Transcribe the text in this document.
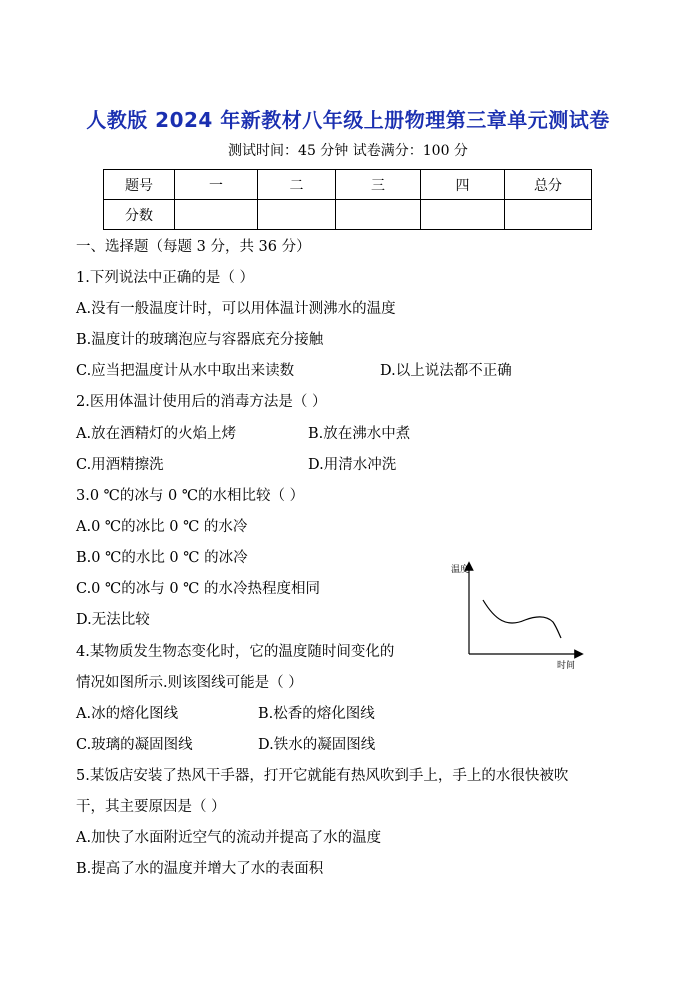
人教版 2024 年新教材八年级上册物理第三章单元测试卷
测试时间：45 分钟 试卷满分：100 分
题号	一	二	三	四	总分
分数					
一、选择题（每题 3 分，共 36 分）
1.下列说法中正确的是（ ）
A.没有一般温度计时，可以用体温计测沸水的温度
B.温度计的玻璃泡应与容器底充分接触
C.应当把温度计从水中取出来读数	D.以上说法都不正确
2.医用体温计使用后的消毒方法是（ ）
A.放在酒精灯的火焰上烤	B.放在沸水中煮
C.用酒精擦洗	D.用清水冲洗
3.0 ℃的冰与 0 ℃的水相比较（ ）
A.0 ℃的冰比 0 ℃ 的水冷
B.0 ℃的水比 0 ℃ 的冰冷
C.0 ℃的冰与 0 ℃ 的水冷热程度相同
D.无法比较
温度
时间
4.某物质发生物态变化时，它的温度随时间变化的
情况如图所示.则该图线可能是（ ）
A.冰的熔化图线	B.松香的熔化图线
C.玻璃的凝固图线	D.铁水的凝固图线
5.某饭店安装了热风干手器，打开它就能有热风吹到手上，手上的水很快被吹
干，其主要原因是（ ）
A.加快了水面附近空气的流动并提高了水的温度
B.提高了水的温度并增大了水的表面积
